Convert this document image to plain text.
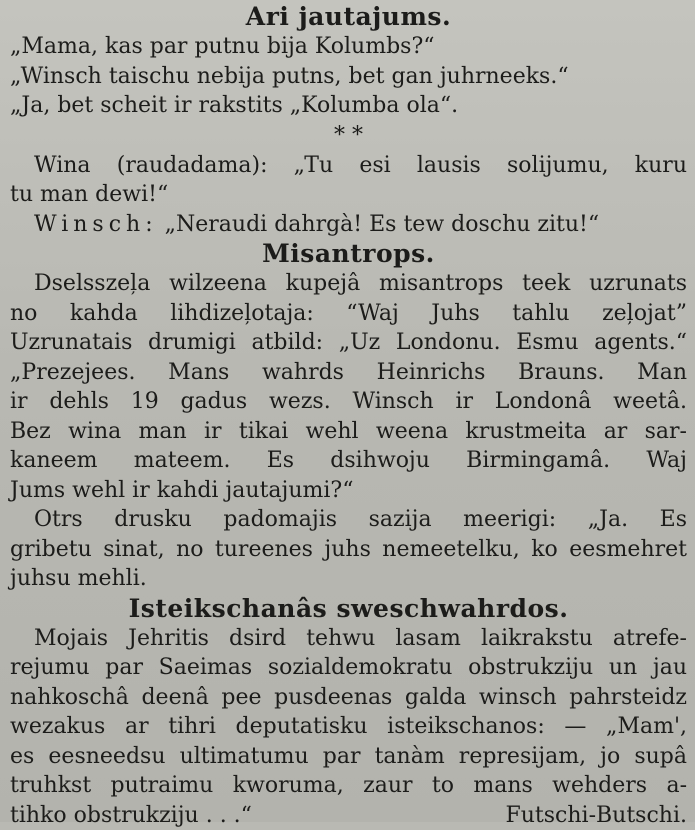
Ari jautajums.
„Mama, kas par putnu bija Kolumbs?“
„Winsch taischu nebija putns, bet gan juhrneeks.“
„Ja, bet scheit ir rakstits „Kolumba ola“.
* *
Wina (raudadama): „Tu esi lausis solijumu, kuru
tu man dewi!“
Winsch: „Neraudi dahrgà! Es tew doschu zitu!“
Misantrops.
Dselsszeļa wilzeena kupejâ misantrops teek uzrunats
no kahda lihdizeļotaja: “Waj Juhs tahlu zeļojat”
Uzrunatais drumigi atbild: „Uz Londonu. Esmu agents.“
„Prezejees. Mans wahrds Heinrichs Brauns. Man
ir dehls 19 gadus wezs. Winsch ir Londonâ weetâ.
Bez wina man ir tikai wehl weena krustmeita ar sar-
kaneem mateem. Es dsihwoju Birmingamâ. Waj
Jums wehl ir kahdi jautajumi?“
Otrs drusku padomajis sazija meerigi: „Ja. Es
gribetu sinat, no tureenes juhs nemeetelku, ko eesmehret
juhsu mehli.
Isteikschanâs sweschwahrdos.
Mojais Jehritis dsird tehwu lasam laikrakstu atrefe-
rejumu par Saeimas sozialdemokratu obstrukziju un jau
nahkoschâ deenâ pee pusdeenas galda winsch pahrsteidz
wezakus ar tihri deputatisku isteikschanos: — „Mam',
es eesneedsu ultimatumu par tanàm represijam, jo supâ
truhkst putraimu kworuma, zaur to mans wehders a-
tihko obstrukziju . . .“	Futschi-Butschi.
